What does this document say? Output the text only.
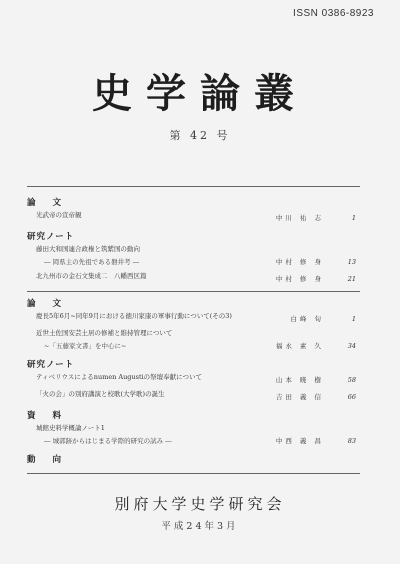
ISSN 0386-8923
史学論叢
第 42 号
論 文
光武帝の宣帝観	中川 祐 志	1
研究ノート
藤田大和国連合政権と筑紫国の動向
― 岡県主の先祖である磐井考 ―	中村 修 身	13
北九州市の金石文集成二　八幡西区篇	中村 修 身	21
論 文
慶長5年6月~同年9月における徳川家康の軍事行動について(その3)	白峰 旬	1
近世土佐国安芸土居の修補と維持管理について
~「五藤家文書」を中心に~	福永 素 久	34
研究ノート
ティベリウスによるnumen Augustiの祭壇奉献について	山本 暁 樹	58
「火の会」の別府講演と校歌(大学歌)の誕生	吉田 義 信	66
資 料
城館史料学概論ノート1
― 城郭跡からはじまる学際的研究の試み ―	中西 義 昌	83
動 向
別府大学史学研究会
平成24年3月
